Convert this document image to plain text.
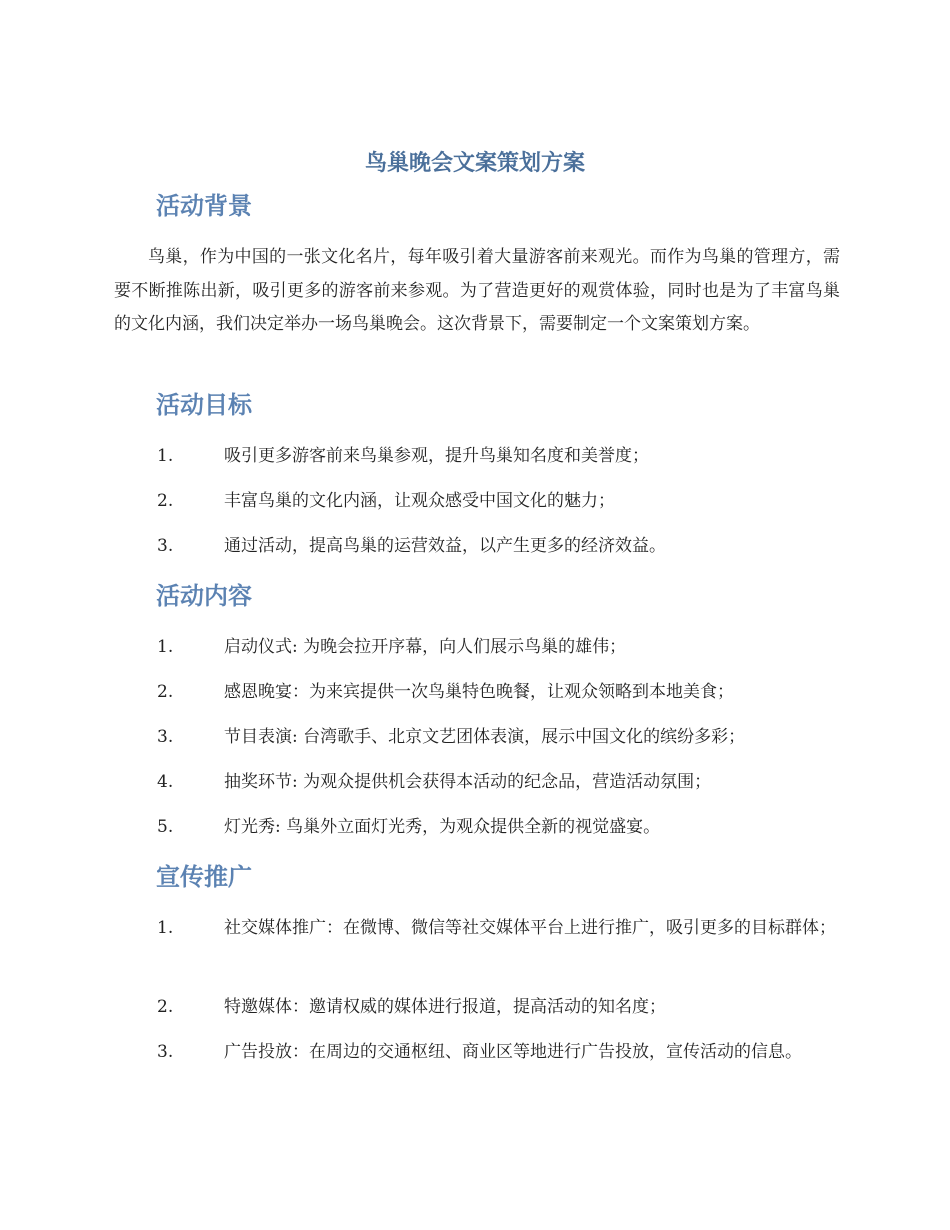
鸟巢晚会文案策划方案
活动背景

鸟巢，作为中国的一张文化名片，每年吸引着大量游客前来观光。而作为鸟巢的管理方，需要不断推陈出新，吸引更多的游客前来参观。为了营造更好的观赏体验，同时也是为了丰富鸟巢的文化内涵，我们决定举办一场鸟巢晚会。这次背景下，需要制定一个文案策划方案。

活动目标
1.	吸引更多游客前来鸟巢参观，提升鸟巢知名度和美誉度；
2.	丰富鸟巢的文化内涵，让观众感受中国文化的魅力；
3.	通过活动，提高鸟巢的运营效益，以产生更多的经济效益。
活动内容
1.	启动仪式: 为晚会拉开序幕，向人们展示鸟巢的雄伟；
2.	感恩晚宴：为来宾提供一次鸟巢特色晚餐，让观众领略到本地美食；
3.	节目表演: 台湾歌手、北京文艺团体表演，展示中国文化的缤纷多彩；
4.	抽奖环节: 为观众提供机会获得本活动的纪念品，营造活动氛围；
5.	灯光秀: 鸟巢外立面灯光秀，为观众提供全新的视觉盛宴。
宣传推广
1.	社交媒体推广：在微博、微信等社交媒体平台上进行推广，吸引更多的目标群体；
2.	特邀媒体：邀请权威的媒体进行报道，提高活动的知名度；
3.	广告投放：在周边的交通枢纽、商业区等地进行广告投放，宣传活动的信息。
